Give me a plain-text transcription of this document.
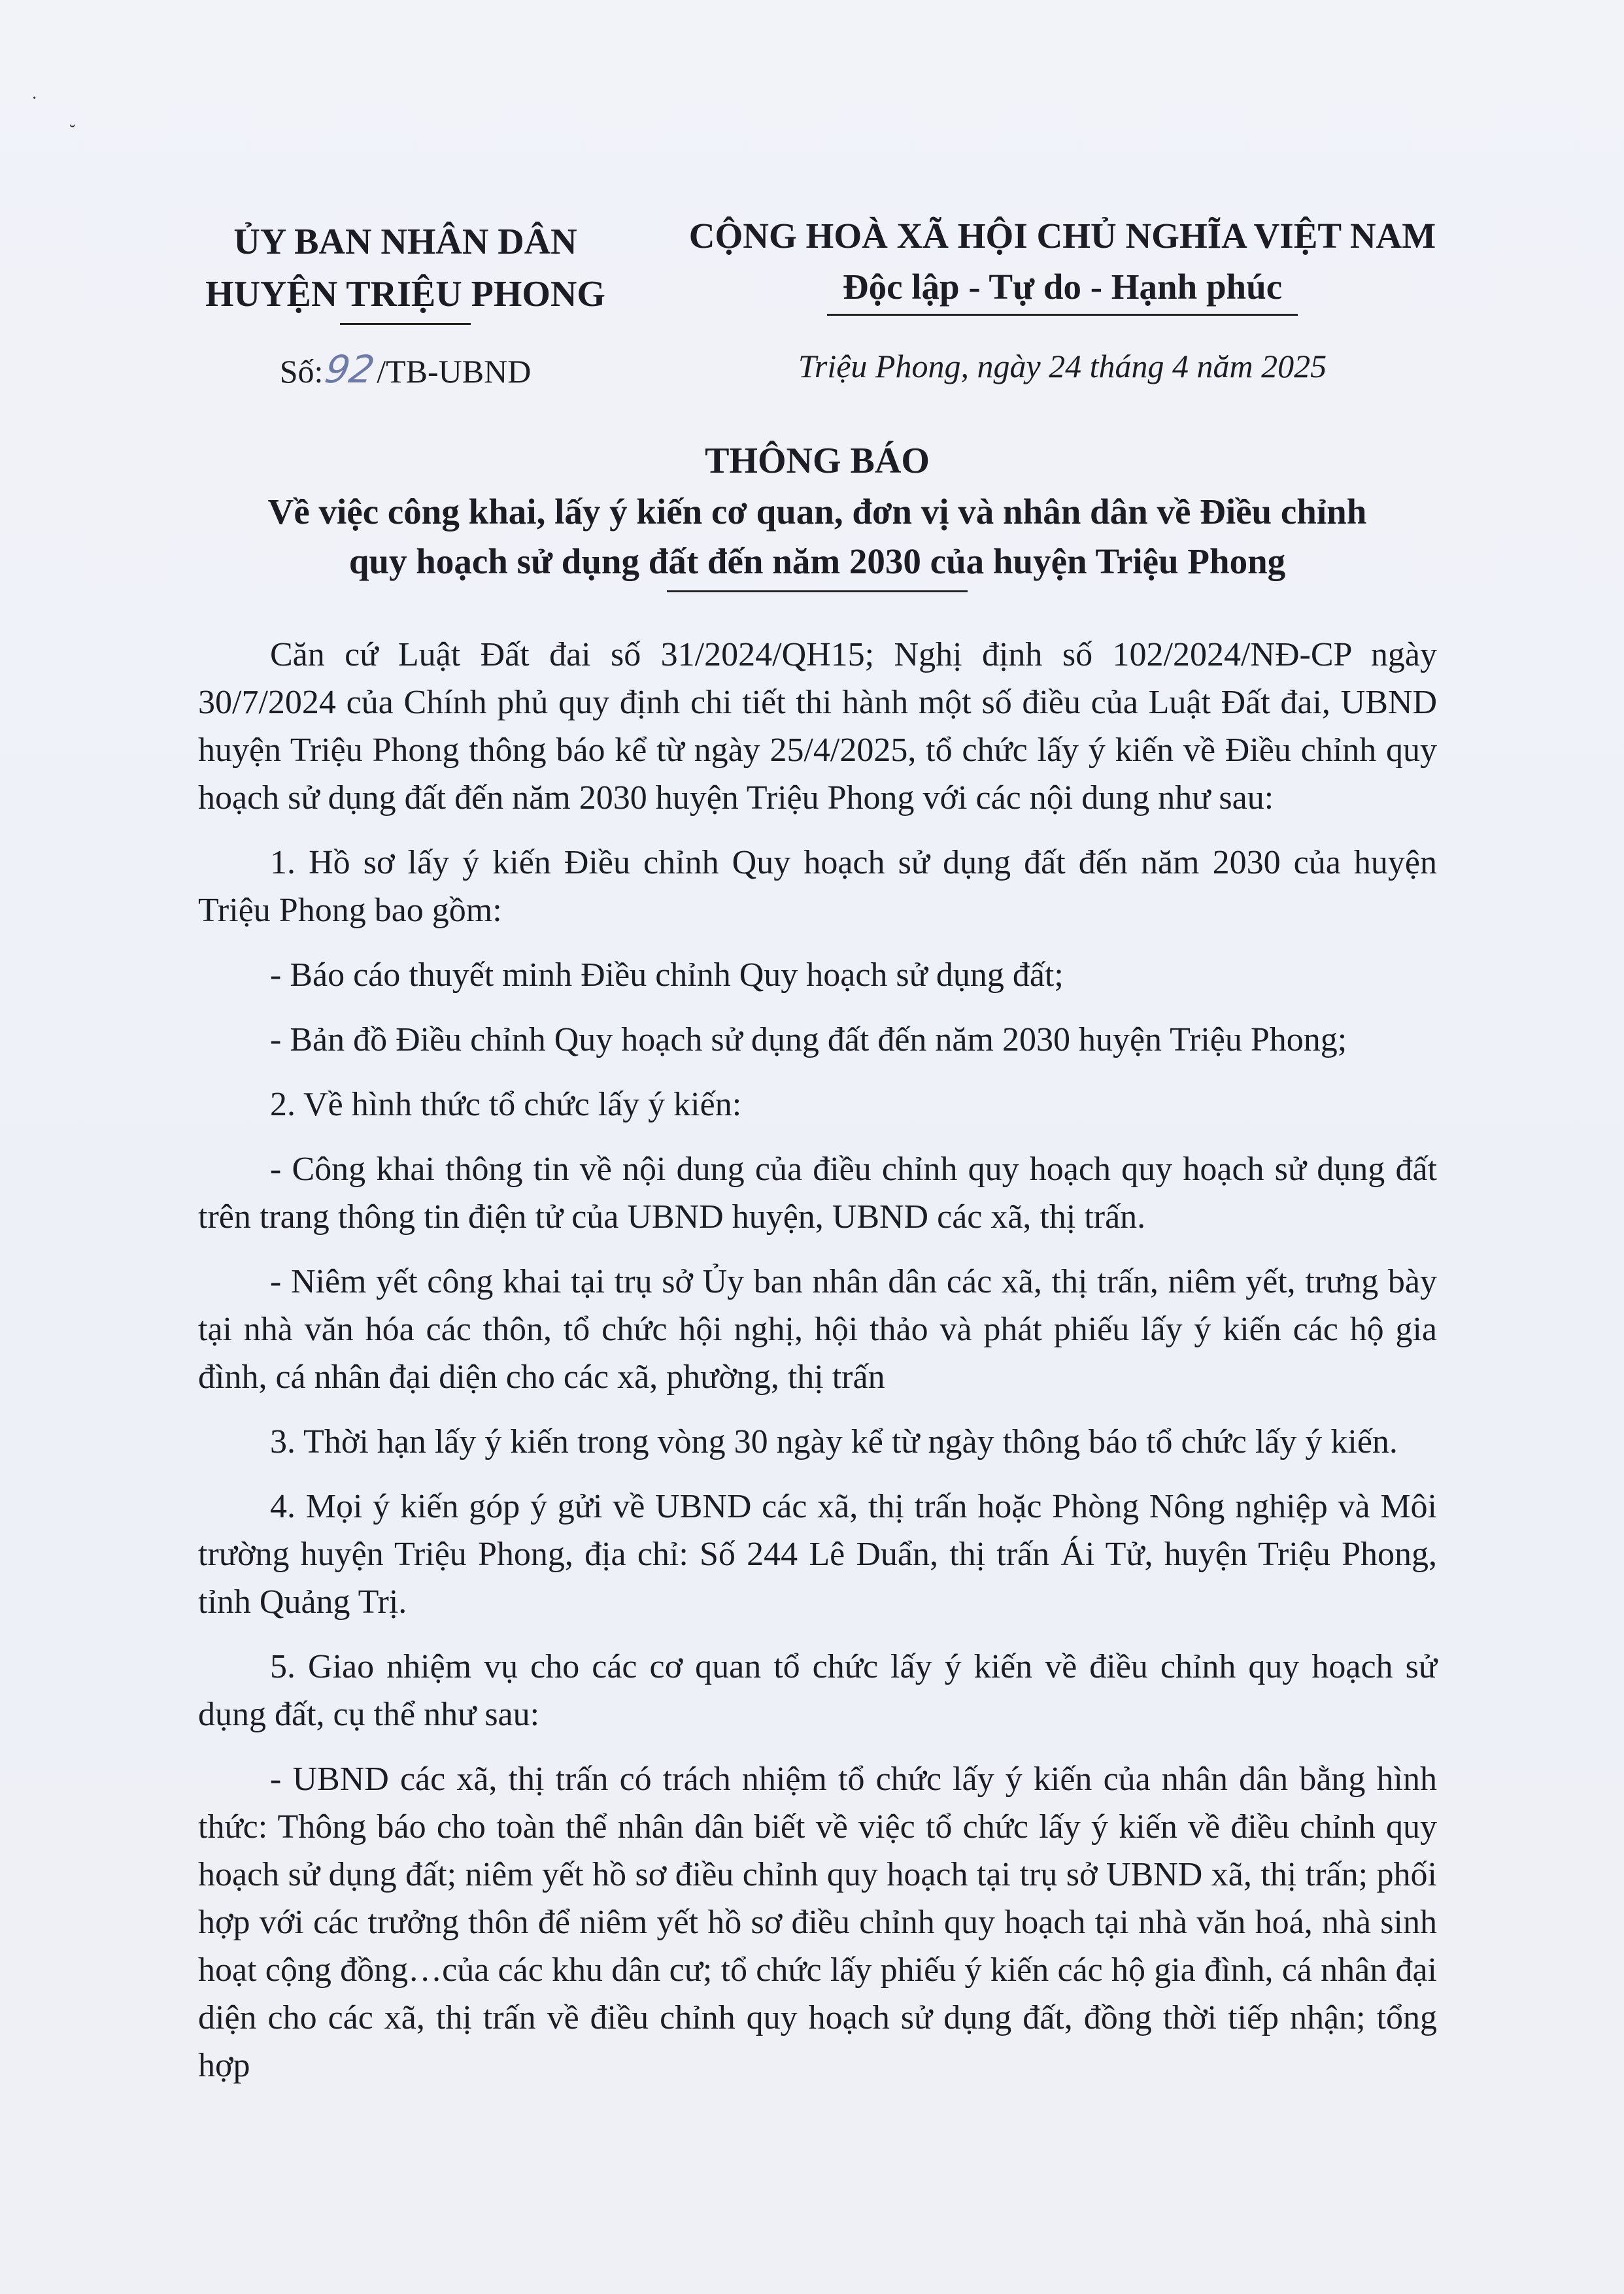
·
˘
ỦY BAN NHÂN DÂN
HUYỆN TRIỆU PHONG
Số:92/TB-UBND
CỘNG HOÀ XÃ HỘI CHỦ NGHĨA VIỆT NAM
Độc lập - Tự do - Hạnh phúc
Triệu Phong, ngày 24 tháng 4 năm 2025
THÔNG BÁO
Về việc công khai, lấy ý kiến cơ quan, đơn vị và nhân dân về Điều chỉnh
quy hoạch sử dụng đất đến năm 2030 của huyện Triệu Phong

Căn cứ Luật Đất đai số 31/2024/QH15; Nghị định số 102/2024/NĐ-CP ngày 30/7/2024 của Chính phủ quy định chi tiết thi hành một số điều của Luật Đất đai, UBND huyện Triệu Phong thông báo kể từ ngày 25/4/2025, tổ chức lấy ý kiến về Điều chỉnh quy hoạch sử dụng đất đến năm 2030 huyện Triệu Phong với các nội dung như sau:

1. Hồ sơ lấy ý kiến Điều chỉnh Quy hoạch sử dụng đất đến năm 2030 của huyện Triệu Phong bao gồm:

- Báo cáo thuyết minh Điều chỉnh Quy hoạch sử dụng đất;

- Bản đồ Điều chỉnh Quy hoạch sử dụng đất đến năm 2030 huyện Triệu Phong;

2. Về hình thức tổ chức lấy ý kiến:

- Công khai thông tin về nội dung của điều chỉnh quy hoạch quy hoạch sử dụng đất trên trang thông tin điện tử của UBND huyện, UBND các xã, thị trấn.

- Niêm yết công khai tại trụ sở Ủy ban nhân dân các xã, thị trấn, niêm yết, trưng bày tại nhà văn hóa các thôn, tổ chức hội nghị, hội thảo và phát phiếu lấy ý kiến các hộ gia đình, cá nhân đại diện cho các xã, phường, thị trấn

3. Thời hạn lấy ý kiến trong vòng 30 ngày kể từ ngày thông báo tổ chức lấy ý kiến.

4. Mọi ý kiến góp ý gửi về UBND các xã, thị trấn hoặc Phòng Nông nghiệp và Môi trường huyện Triệu Phong, địa chỉ: Số 244 Lê Duẩn, thị trấn Ái Tử, huyện Triệu Phong, tỉnh Quảng Trị.

5. Giao nhiệm vụ cho các cơ quan tổ chức lấy ý kiến về điều chỉnh quy hoạch sử dụng đất, cụ thể như sau:

- UBND các xã, thị trấn có trách nhiệm tổ chức lấy ý kiến của nhân dân bằng hình thức: Thông báo cho toàn thể nhân dân biết về việc tổ chức lấy ý kiến về điều chỉnh quy hoạch sử dụng đất; niêm yết hồ sơ điều chỉnh quy hoạch tại trụ sở UBND xã, thị trấn; phối hợp với các trưởng thôn để niêm yết hồ sơ điều chỉnh quy hoạch tại nhà văn hoá, nhà sinh hoạt cộng đồng…của các khu dân cư; tổ chức lấy phiếu ý kiến các hộ gia đình, cá nhân đại diện cho các xã, thị trấn về điều chỉnh quy hoạch sử dụng đất, đồng thời tiếp nhận; tổng hợp
